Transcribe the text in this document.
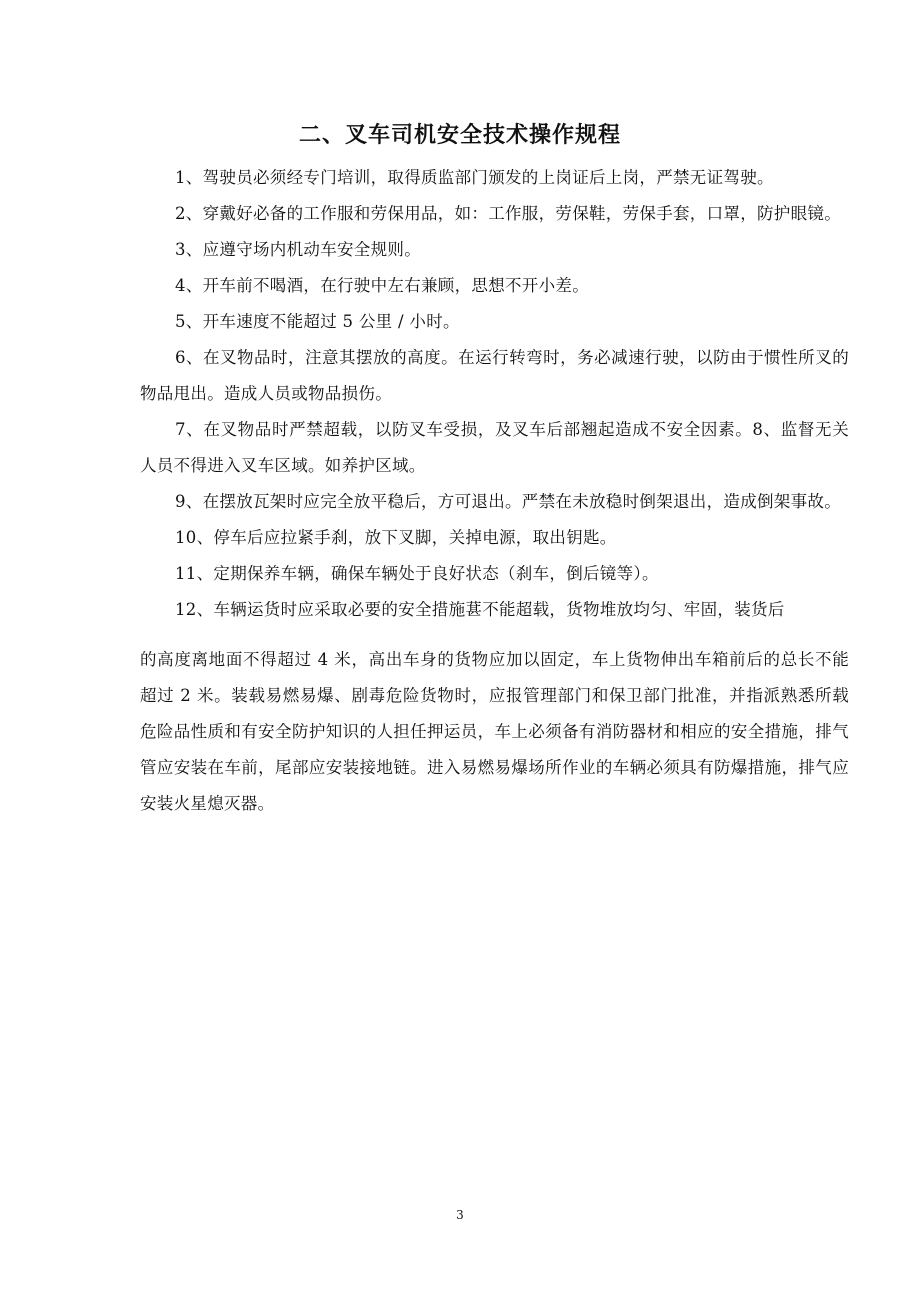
二、叉车司机安全技术操作规程

1、驾驶员必须经专门培训，取得质监部门颁发的上岗证后上岗，严禁无证驾驶。

2、穿戴好必备的工作服和劳保用品，如：工作服，劳保鞋，劳保手套，口罩，防护眼镜。

3、应遵守场内机动车安全规则。

4、开车前不喝酒，在行驶中左右兼顾，思想不开小差。

5、开车速度不能超过 5 公里 / 小时。

6、在叉物品时，注意其摆放的高度。在运行转弯时，务必减速行驶，以防由于惯性所叉的物品甩出。造成人员或物品损伤。

7、在叉物品时严禁超载，以防叉车受损，及叉车后部翘起造成不安全因素。8、监督无关人员不得进入叉车区域。如养护区域。

9、在摆放瓦架时应完全放平稳后，方可退出。严禁在未放稳时倒架退出，造成倒架事故。

10、停车后应拉紧手刹，放下叉脚，关掉电源，取出钥匙。

11、定期保养车辆，确保车辆处于良好状态（刹车，倒后镜等）。

12、车辆运货时应采取必要的安全措施葚不能超载，货物堆放均匀、牢固，装货后

的高度离地面不得超过 4 米，高出车身的货物应加以固定，车上货物伸出车箱前后的总长不能超过 2 米。装载易燃易爆、剧毒危险货物时，应报管理部门和保卫部门批准，并指派熟悉所载危险品性质和有安全防护知识的人担任押运员，车上必须备有消防器材和相应的安全措施，排气管应安装在车前，尾部应安装接地链。进入易燃易爆场所作业的车辆必须具有防爆措施，排气应安装火星熄灭器。

3
